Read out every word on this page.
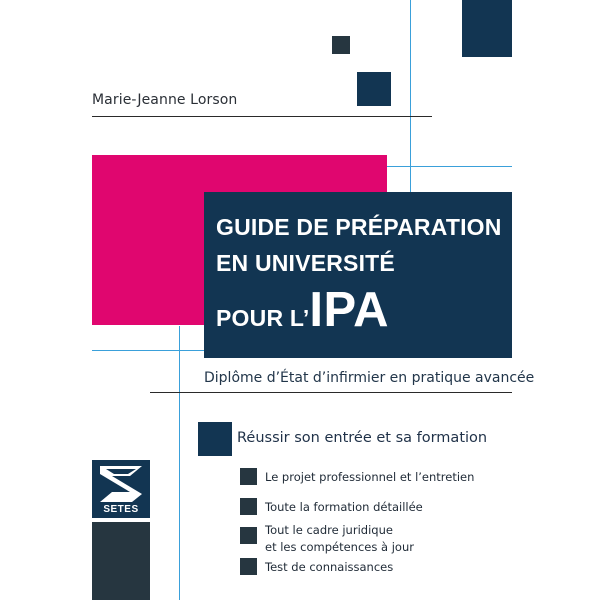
Marie-Jeanne Lorson
GUIDE DE PRÉPARATION
EN UNIVERSITÉ
POUR L’IPA
Diplôme d’État d’infirmier en pratique avancée
Réussir son entrée et sa formation
Le projet professionnel et l’entretien
Toute la formation détaillée
Tout le cadre juridique
et les compétences à jour
Test de connaissances
SETES
